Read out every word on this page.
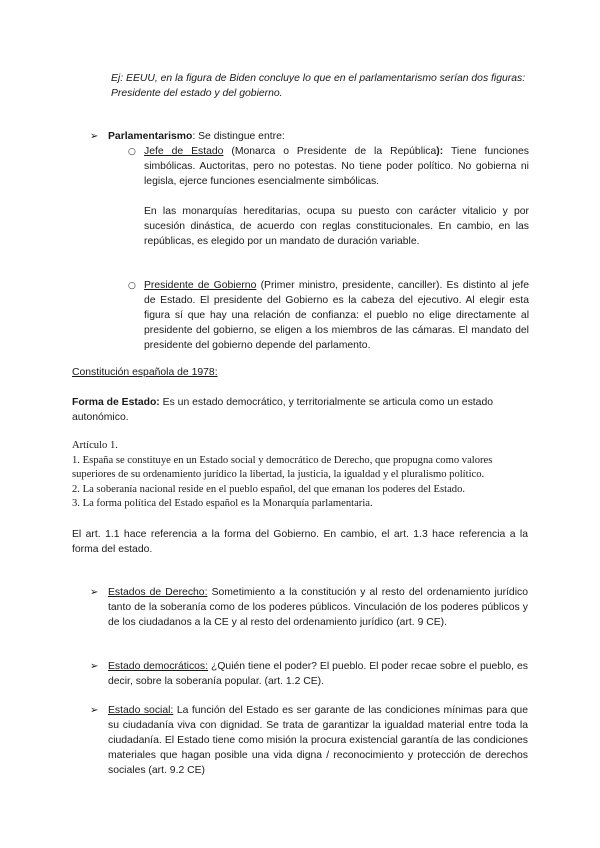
Ej: EEUU, en la figura de Biden concluye lo que en el parlamentarismo serían dos figuras: Presidente del estado y del gobierno.

➢ Parlamentarismo: Se distingue entre:

○ Jefe de Estado (Monarca o Presidente de la República): Tiene funciones simbólicas. Auctoritas, pero no potestas. No tiene poder político. No gobierna ni legisla, ejerce funciones esencialmente simbólicas.

En las monarquías hereditarias, ocupa su puesto con carácter vitalicio y por sucesión dinástica, de acuerdo con reglas constitucionales. En cambio, en las repúblicas, es elegido por un mandato de duración variable.

○ Presidente de Gobierno (Primer ministro, presidente, canciller). Es distinto al jefe de Estado. El presidente del Gobierno es la cabeza del ejecutivo. Al elegir esta figura sí que hay una relación de confianza: el pueblo no elige directamente al presidente del gobierno, se eligen a los miembros de las cámaras. El mandato del presidente del gobierno depende del parlamento.

Constitución española de 1978:

Forma de Estado: Es un estado democrático, y territorialmente se articula como un estado autonómico.

Artículo 1.
1. España se constituye en un Estado social y democrático de Derecho, que propugna como valores superiores de su ordenamiento jurídico la libertad, la justicia, la igualdad y el pluralismo político.
2. La soberanía nacional reside en el pueblo español, del que emanan los poderes del Estado.
3. La forma política del Estado español es la Monarquía parlamentaria.

El art. 1.1 hace referencia a la forma del Gobierno. En cambio, el art. 1.3 hace referencia a la forma del estado.

➢ Estados de Derecho: Sometimiento a la constitución y al resto del ordenamiento jurídico tanto de la soberanía como de los poderes públicos. Vinculación de los poderes públicos y de los ciudadanos a la CE y al resto del ordenamiento jurídico (art. 9 CE).

➢ Estado democráticos: ¿Quién tiene el poder? El pueblo. El poder recae sobre el pueblo, es decir, sobre la soberanía popular. (art. 1.2 CE).

➢ Estado social: La función del Estado es ser garante de las condiciones mínimas para que su ciudadanía viva con dignidad. Se trata de garantizar la igualdad material entre toda la ciudadanía. El Estado tiene como misión la procura existencial garantía de las condiciones materiales que hagan posible una vida digna / reconocimiento y protección de derechos sociales (art. 9.2 CE)
